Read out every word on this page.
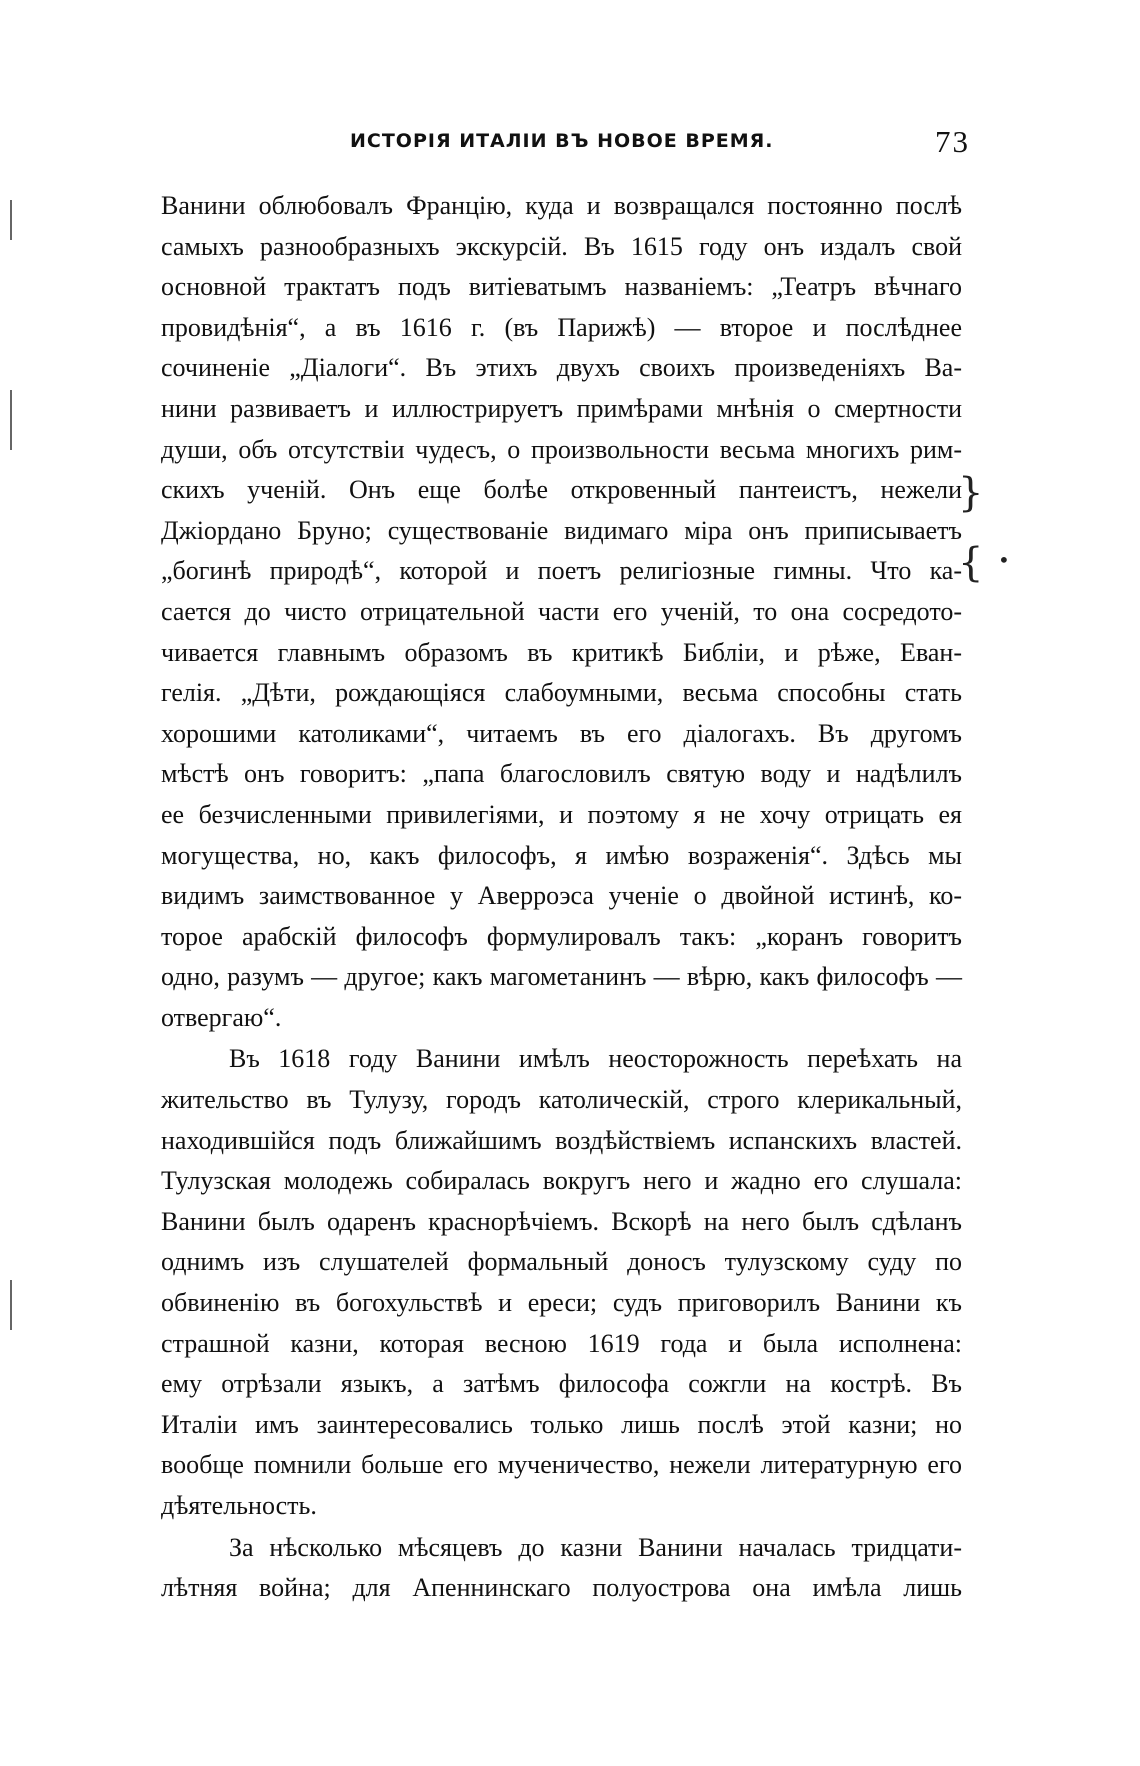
ИСТОРІЯ ИТАЛІИ ВЪ НОВОЕ ВРЕМЯ.	73
Ванини облюбовалъ Францію, куда и возвращался постоянно послѣ
самыхъ разнообразныхъ экскурсій. Въ 1615 году онъ издалъ свой
основной трактатъ подъ витіеватымъ названіемъ: „Театръ вѣчнаго
провидѣнія“, а въ 1616 г. (въ Парижѣ) — второе и послѣднее
сочиненіе „Діалоги“. Въ этихъ двухъ своихъ произведеніяхъ Ва-
нини развиваетъ и иллюстрируетъ примѣрами мнѣнія о смертности
души, объ отсутствіи чудесъ, о произвольности весьма многихъ рим-
скихъ ученій. Онъ еще болѣе откровенный пантеистъ, нежели
Джіордано Бруно; существованіе видимаго міра онъ приписываетъ
„богинѣ природѣ“, которой и поетъ религіозные гимны. Что ка-
сается до чисто отрицательной части его ученій, то она сосредото-
чивается главнымъ образомъ въ критикѣ Библіи, и рѣже, Еван-
гелія. „Дѣти, рождающіяся слабоумными, весьма способны стать
хорошими католиками“, читаемъ въ его діалогахъ. Въ другомъ
мѣстѣ онъ говоритъ: „папа благословилъ святую воду и надѣлилъ
ее безчисленными привилегіями, и поэтому я не хочу отрицать ея
могущества, но, какъ философъ, я имѣю возраженія“. Здѣсь мы
видимъ заимствованное у Аверроэса ученіе о двойной истинѣ, ко-
торое арабскій философъ формулировалъ такъ: „коранъ говоритъ
одно, разумъ — другое; какъ магометанинъ — вѣрю, какъ философъ —
отвергаю“.
Въ 1618 году Ванини имѣлъ неосторожность переѣхать на
жительство въ Тулузу, городъ католическій, строго клерикальный,
находившійся подъ ближайшимъ воздѣйствіемъ испанскихъ властей.
Тулузская молодежь собиралась вокругъ него и жадно его слушала:
Ванини былъ одаренъ краснорѣчіемъ. Вскорѣ на него былъ сдѣланъ
однимъ изъ слушателей формальный доносъ тулузскому суду по
обвиненію въ богохульствѣ и ереси; судъ приговорилъ Ванини къ
страшной казни, которая весною 1619 года и была исполнена:
ему отрѣзали языкъ, а затѣмъ философа сожгли на кострѣ. Въ
Италіи имъ заинтересовались только лишь послѣ этой казни; но
вообще помнили больше его мученичество, нежели литературную его
дѣятельность.
За нѣсколько мѣсяцевъ до казни Ванини началась тридцати-
лѣтняя война; для Апеннинскаго полуострова она имѣла лишь
}
{ •
